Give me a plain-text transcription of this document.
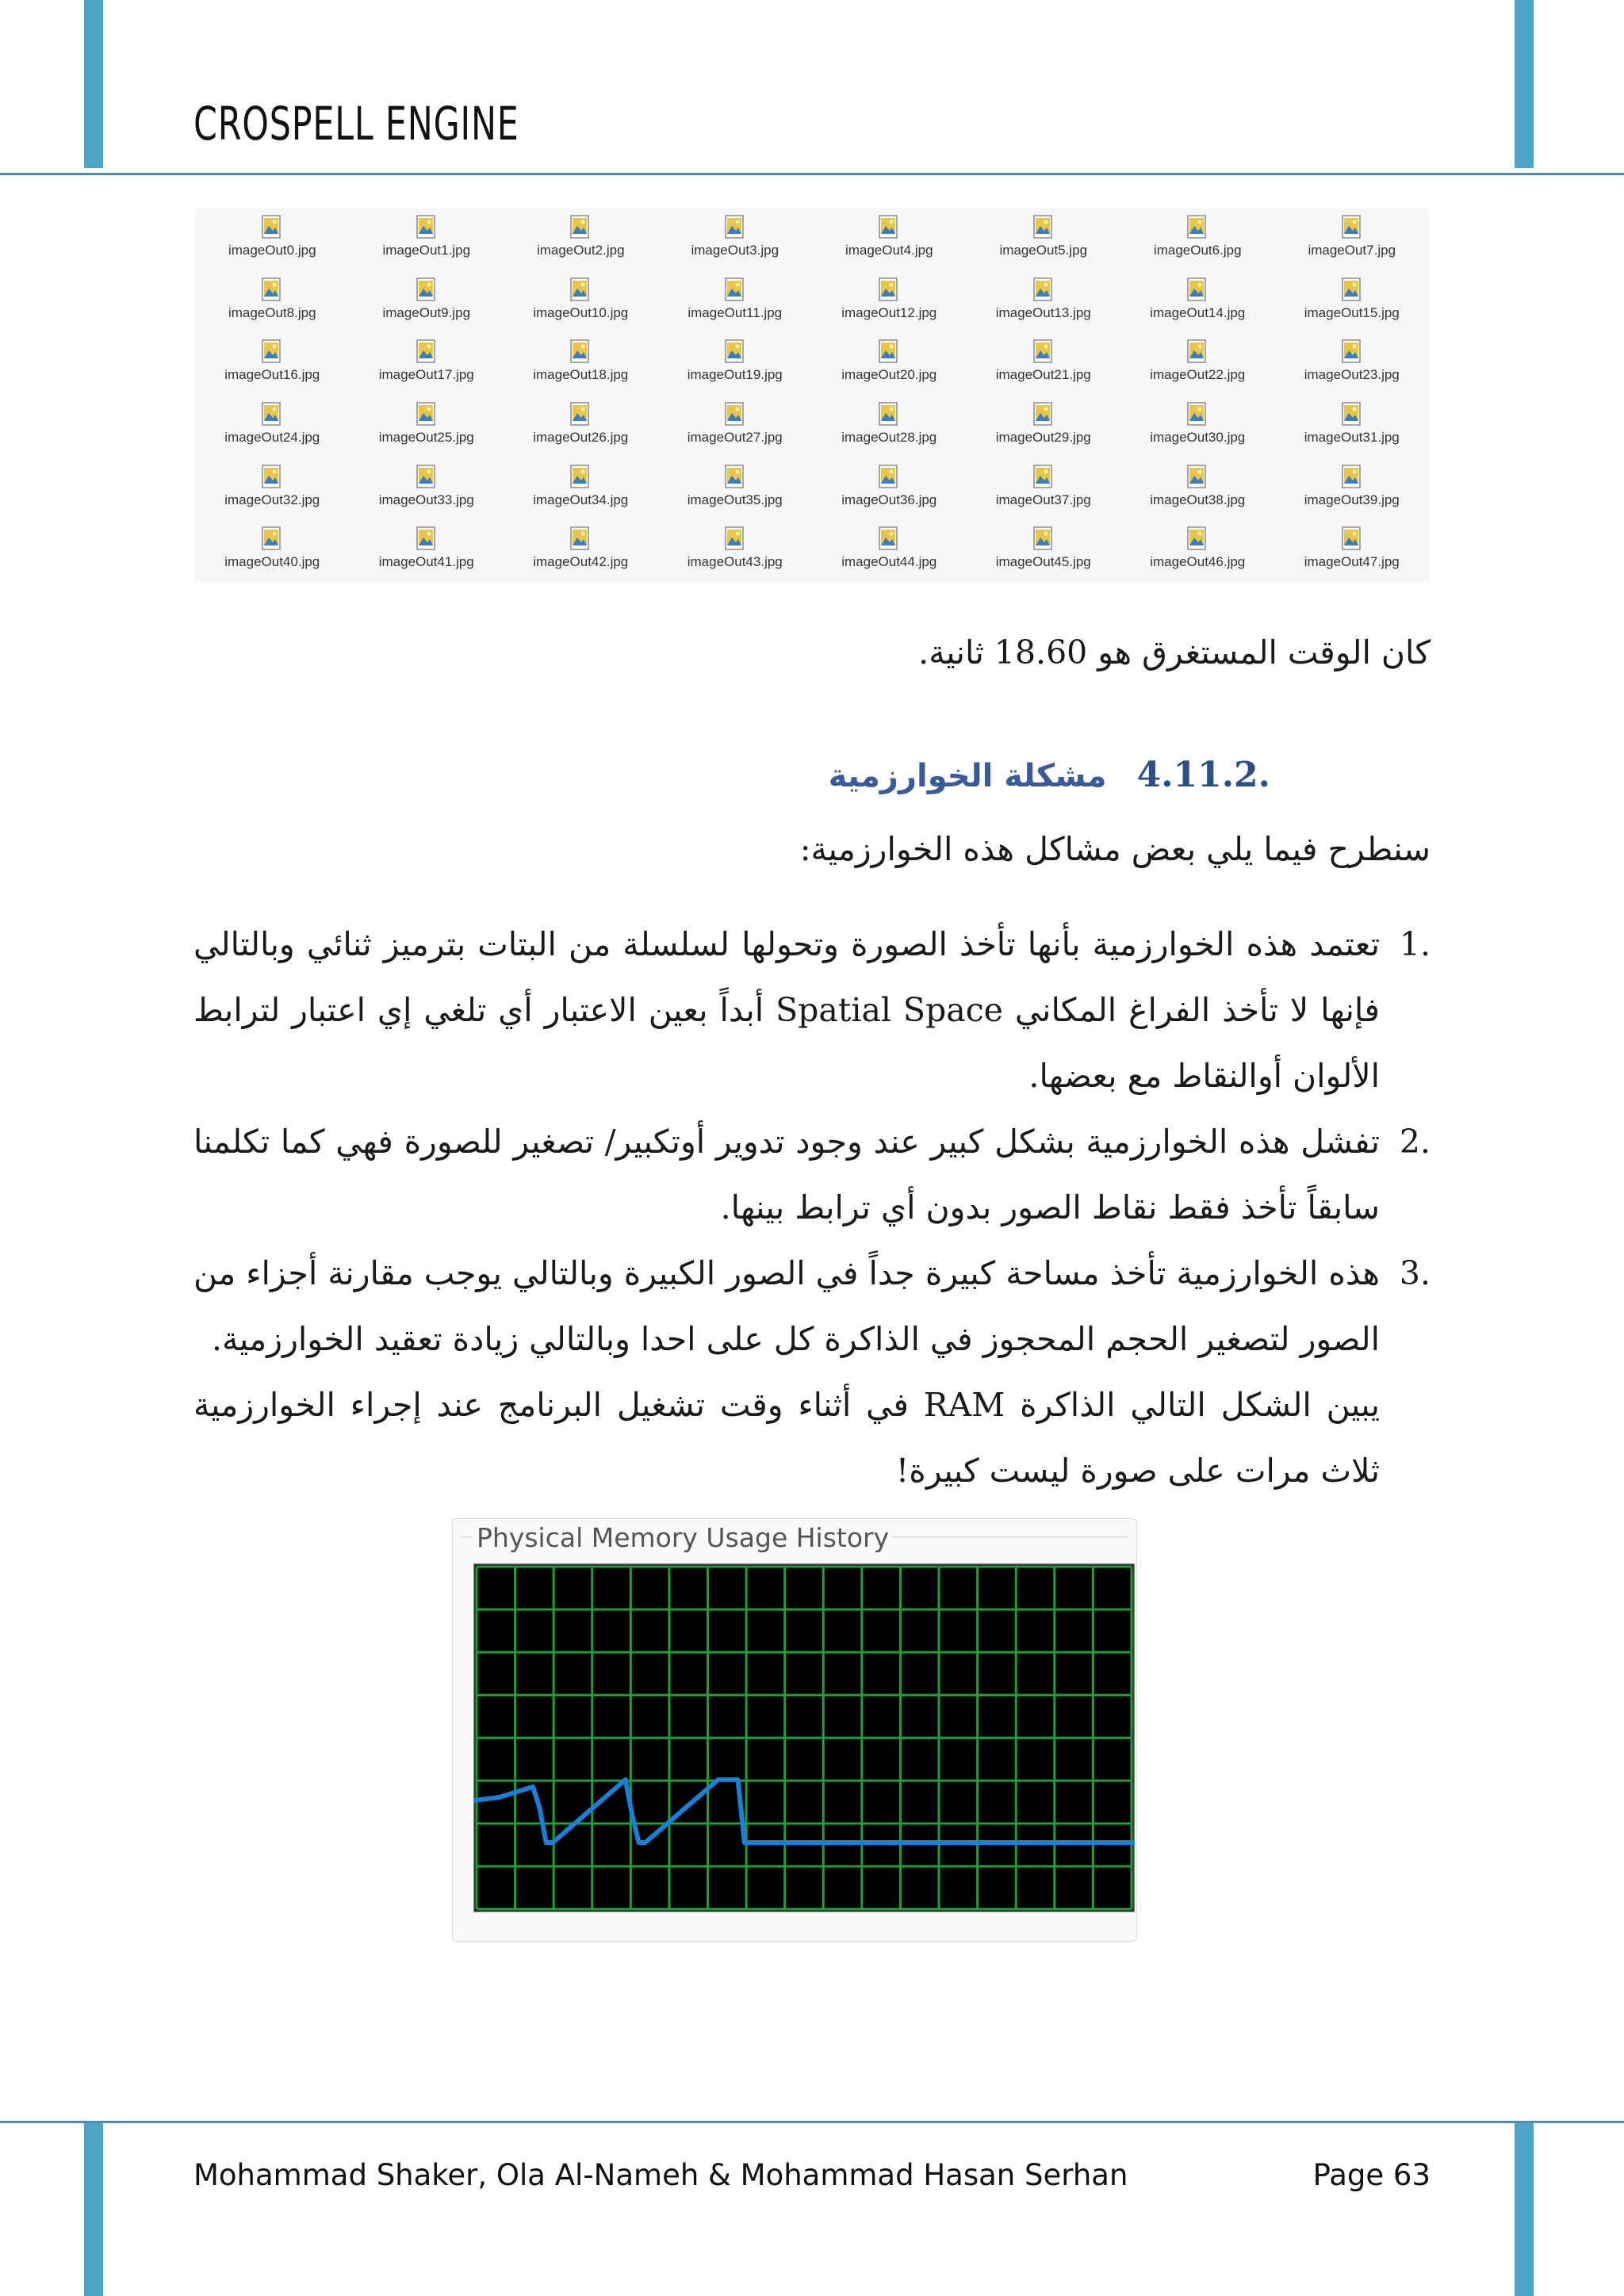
CROSPELL ENGINE
imageOut0.jpg	imageOut1.jpg	imageOut2.jpg	imageOut3.jpg	imageOut4.jpg	imageOut5.jpg	imageOut6.jpg	imageOut7.jpg
imageOut8.jpg	imageOut9.jpg	imageOut10.jpg	imageOut11.jpg	imageOut12.jpg	imageOut13.jpg	imageOut14.jpg	imageOut15.jpg
imageOut16.jpg	imageOut17.jpg	imageOut18.jpg	imageOut19.jpg	imageOut20.jpg	imageOut21.jpg	imageOut22.jpg	imageOut23.jpg
imageOut24.jpg	imageOut25.jpg	imageOut26.jpg	imageOut27.jpg	imageOut28.jpg	imageOut29.jpg	imageOut30.jpg	imageOut31.jpg
imageOut32.jpg	imageOut33.jpg	imageOut34.jpg	imageOut35.jpg	imageOut36.jpg	imageOut37.jpg	imageOut38.jpg	imageOut39.jpg
imageOut40.jpg	imageOut41.jpg	imageOut42.jpg	imageOut43.jpg	imageOut44.jpg	imageOut45.jpg	imageOut46.jpg	imageOut47.jpg
كان الوقت المستغرق هو 18.60 ثانية.
4.11.2.
مشكلة الخوارزمية
سنطرح فيما يلي بعض مشاكل هذه الخوارزمية:
1.
تعتمد هذه الخوارزمية بأنها تأخذ الصورة وتحولها لسلسلة من البتات بترميز ثنائي وبالتالي فإنها لا تأخذ الفراغ المكاني Spatial Space أبداً بعين الاعتبار أي تلغي إي اعتبار لترابط الألوان أوالنقاط مع بعضها.
2.
تفشل هذه الخوارزمية بشكل كبير عند وجود تدوير أوتكبير/ تصغير للصورة فهي كما تكلمنا سابقاً تأخذ فقط نقاط الصور بدون أي ترابط بينها.
3.
هذه الخوارزمية تأخذ مساحة كبيرة جداً في الصور الكبيرة وبالتالي يوجب مقارنة أجزاء من الصور لتصغير الحجم المحجوز في الذاكرة كل على احدا وبالتالي زيادة تعقيد الخوارزمية.
يبين الشكل التالي الذاكرة RAM في أثناء وقت تشغيل البرنامج عند إجراء الخوارزمية ثلاث مرات على صورة ليست كبيرة!
Physical Memory Usage History
Mohammad Shaker, Ola Al-Nameh & Mohammad Hasan Serhan	Page 63
